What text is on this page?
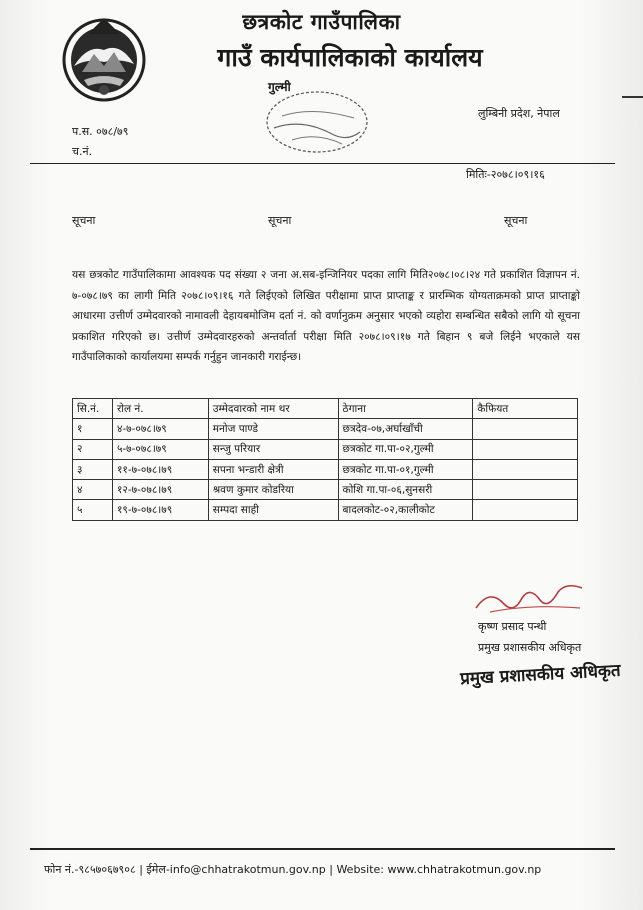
छत्रकोट गाउँपालिका
गाउँ कार्यपालिकाको कार्यालय
गुल्मी
लुम्बिनी प्रदेश, नेपाल
प.स. ०७८/७९
च.नं.
मितिः-२०७८।०९।१६
सूचना	सूचना	सूचना
यस छत्रकोट गाउँपालिकामा आवश्यक पद संख्या २ जना अ.सब-इन्जिनियर पदका लागि मिति२०७८।०८।२४ गते प्रकाशित विज्ञापन नं. ७-०७८।७९ का लागी मिति २०७८।०९।१६ गते लिईएको लिखित परीक्षामा प्राप्त प्राप्ताङ्क र प्रारम्भिक योग्यताक्रमको प्राप्त प्राप्ताङ्को आधारमा उत्तीर्ण उम्मेदवारको नामावली देहायबमोजिम दर्ता नं. को वर्णानुक्रम अनुसार भएको व्यहोरा सम्बन्धित सबैको लागि यो सूचना प्रकाशित गरिएको छ। उत्तीर्ण उम्मेदवारहरुको अन्तर्वार्ता परीक्षा मिति २०७८।०९।१७ गते बिहान ९ बजे लिईने भएकाले यस गाउँपालिकाको कार्यालयमा सम्पर्क गर्नुहुन जानकारी गराईन्छ।
सि.नं.	रोल नं.	उम्मेदवारको नाम थर	ठेगाना	कैफियत
१	४-७-०७८।७९	मनोज पाण्डे	छत्रदेव-०७,अर्घाखाँची	
२	५-७-०७८।७९	सन्जु परियार	छत्रकोट गा.पा-०२,गुल्मी	
३	११-७-०७८।७९	सपना भन्डारी क्षेत्री	छत्रकोट गा.पा-०१,गुल्मी	
४	१२-७-०७८।७९	श्रवण कुमार कोडरिया	कोशि गा.पा-०६,सुनसरी	
५	१९-७-०७८।७९	सम्पदा साही	बादलकोट-०२,कालीकोट	
कृष्ण प्रसाद पन्थी
प्रमुख प्रशासकीय अधिकृत
प्रमुख प्रशासकीय अधिकृत
फोन नं.-९८५७०६७९०८ | ईमेल-info@chhatrakotmun.gov.np | Website: www.chhatrakotmun.gov.np
